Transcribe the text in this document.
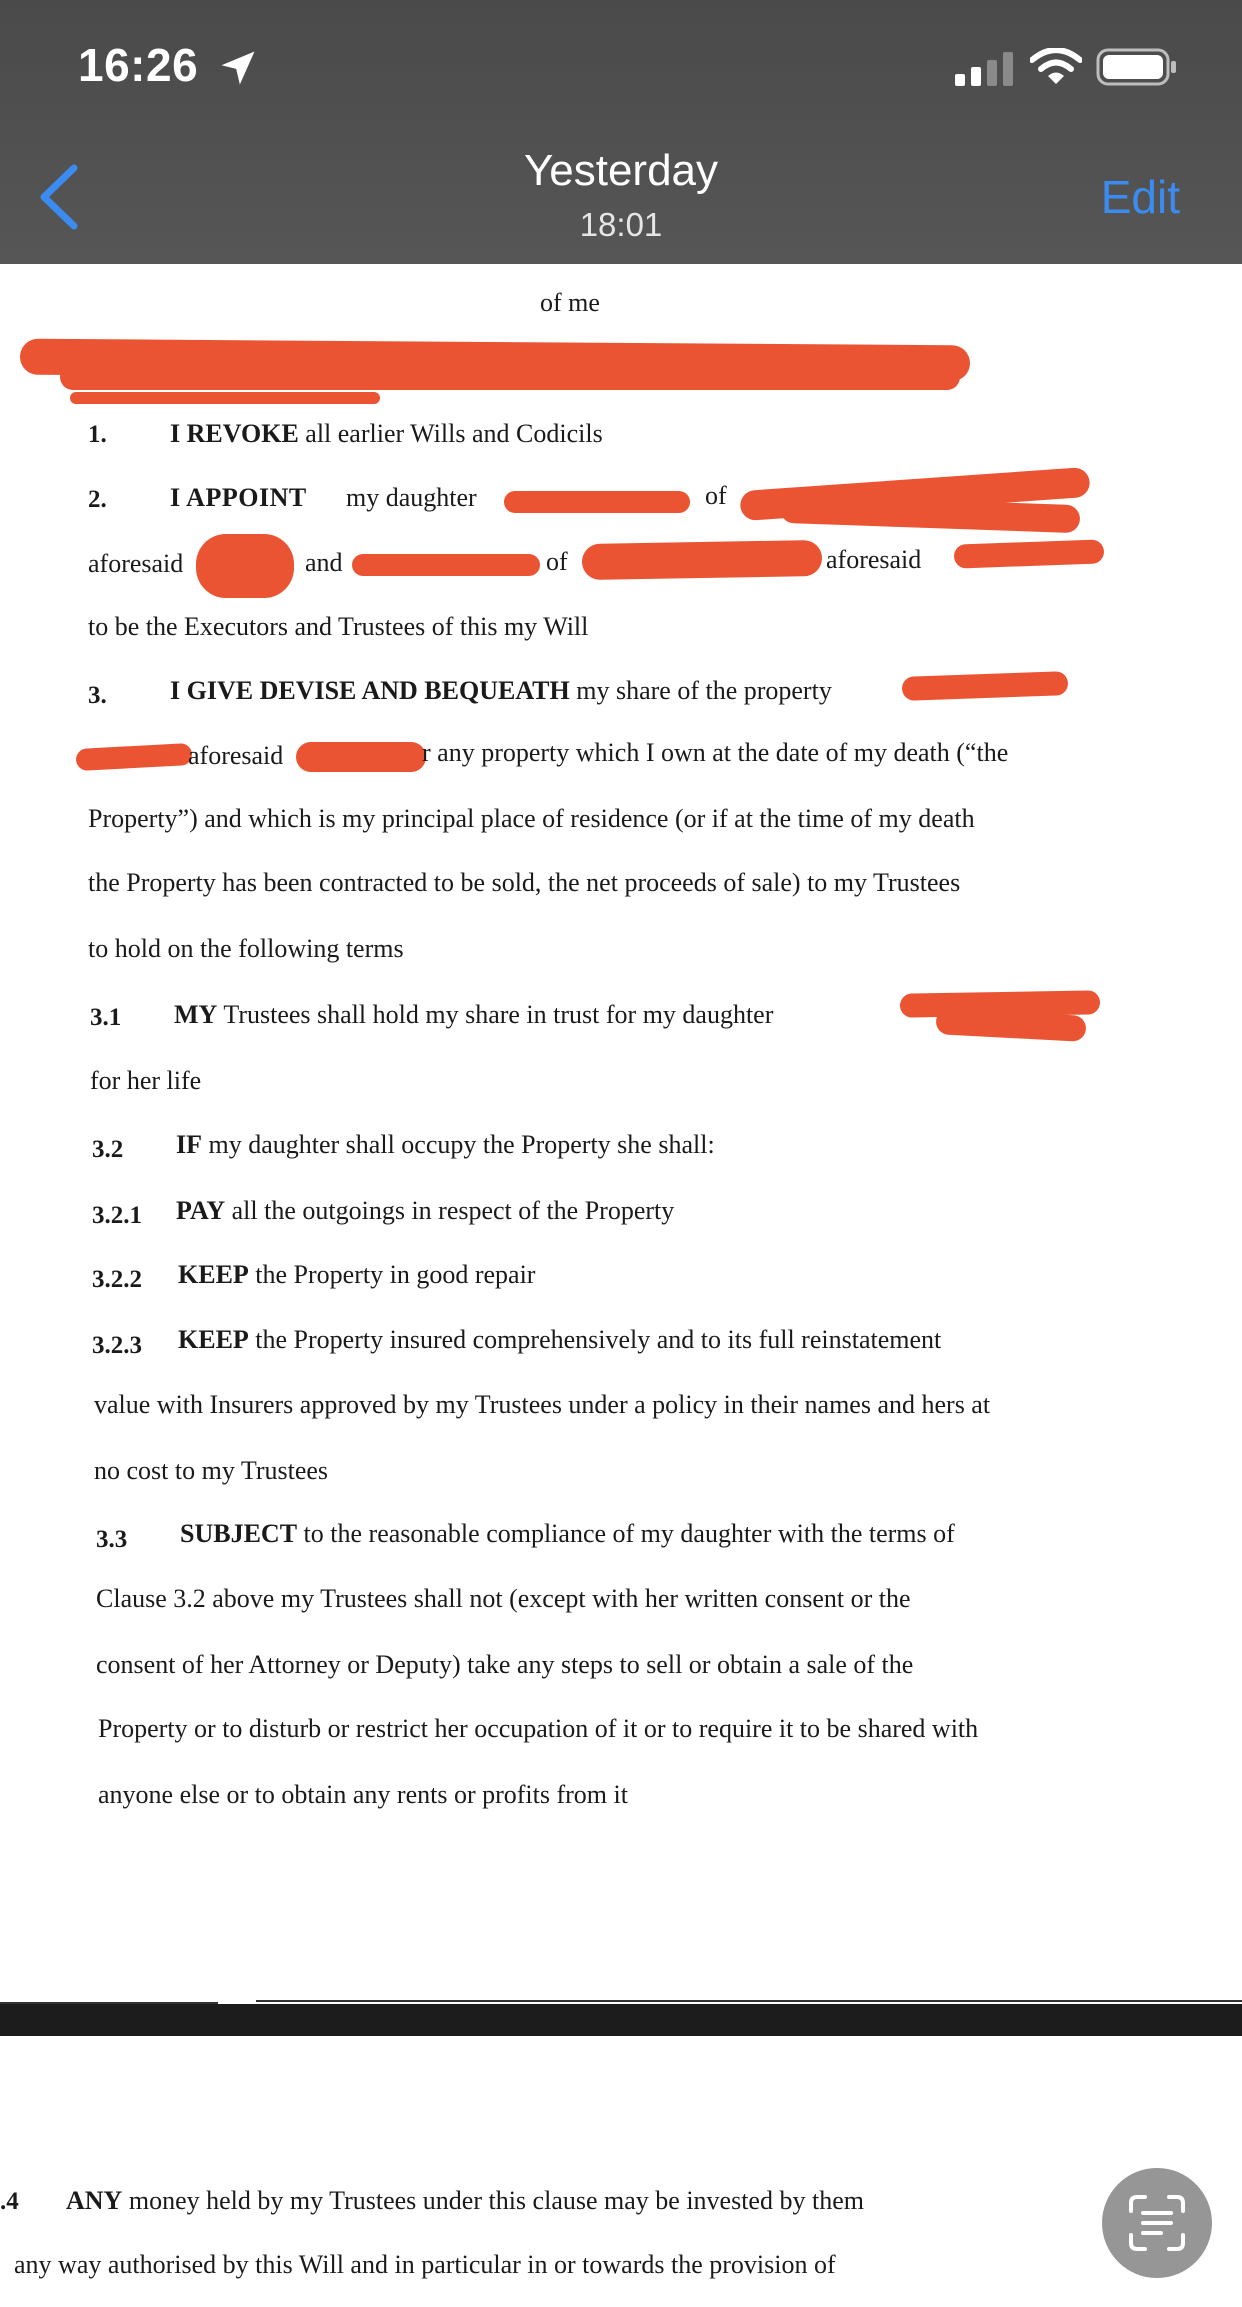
16:26
Yesterday
18:01
Edit
of me
1. I REVOKE all earlier Wills and Codicils
2. I APPOINT my daughter	of
aforesaid	and	of	aforesaid
to be the Executors and Trustees of this my Will
3. I GIVE DEVISE AND BEQUEATH my share of the property
aforesaid	r any property which I own at the date of my death (“the
Property”) and which is my principal place of residence (or if at the time of my death
the Property has been contracted to be sold, the net proceeds of sale) to my Trustees
to hold on the following terms
3.1 MY Trustees shall hold my share in trust for my daughter
for her life
3.2 IF my daughter shall occupy the Property she shall:
3.2.1 PAY all the outgoings in respect of the Property
3.2.2 KEEP the Property in good repair
3.2.3 KEEP the Property insured comprehensively and to its full reinstatement
value with Insurers approved by my Trustees under a policy in their names and hers at
no cost to my Trustees
3.3 SUBJECT to the reasonable compliance of my daughter with the terms of
Clause 3.2 above my Trustees shall not (except with her written consent or the
consent of her Attorney or Deputy) take any steps to sell or obtain a sale of the
Property or to disturb or restrict her occupation of it or to require it to be shared with
anyone else or to obtain any rents or profits from it
.4 ANY money held by my Trustees under this clause may be invested by them
any way authorised by this Will and in particular in or towards the provision of
